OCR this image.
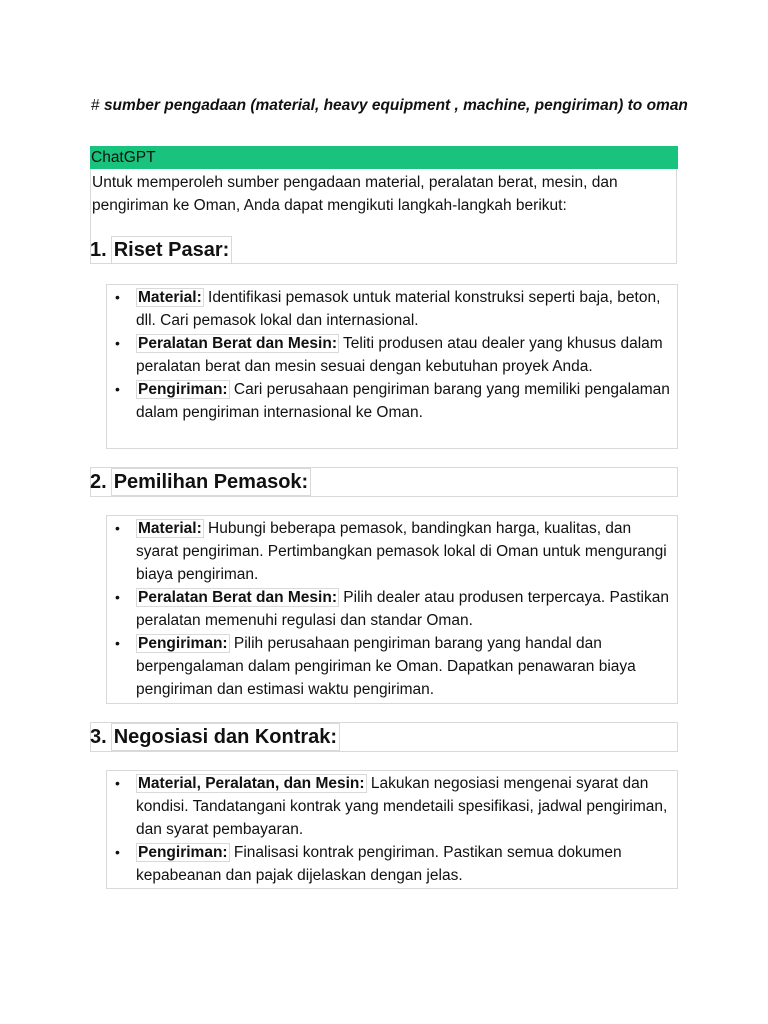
# sumber pengadaan (material, heavy equipment , machine, pengiriman) to oman
ChatGPT
Untuk memperoleh sumber pengadaan material, peralatan berat, mesin, dan pengiriman ke Oman, Anda dapat mengikuti langkah-langkah berikut:
1. Riset Pasar:
• Material: Identifikasi pemasok untuk material konstruksi seperti baja, beton, dll. Cari pemasok lokal dan internasional.
• Peralatan Berat dan Mesin: Teliti produsen atau dealer yang khusus dalam peralatan berat dan mesin sesuai dengan kebutuhan proyek Anda.
• Pengiriman: Cari perusahaan pengiriman barang yang memiliki pengalaman dalam pengiriman internasional ke Oman.
2. Pemilihan Pemasok:
• Material: Hubungi beberapa pemasok, bandingkan harga, kualitas, dan syarat pengiriman. Pertimbangkan pemasok lokal di Oman untuk mengurangi biaya pengiriman.
• Peralatan Berat dan Mesin: Pilih dealer atau produsen terpercaya. Pastikan peralatan memenuhi regulasi dan standar Oman.
• Pengiriman: Pilih perusahaan pengiriman barang yang handal dan berpengalaman dalam pengiriman ke Oman. Dapatkan penawaran biaya pengiriman dan estimasi waktu pengiriman.
3. Negosiasi dan Kontrak:
• Material, Peralatan, dan Mesin: Lakukan negosiasi mengenai syarat dan kondisi. Tandatangani kontrak yang mendetaili spesifikasi, jadwal pengiriman, dan syarat pembayaran.
• Pengiriman: Finalisasi kontrak pengiriman. Pastikan semua dokumen kepabeanan dan pajak dijelaskan dengan jelas.
